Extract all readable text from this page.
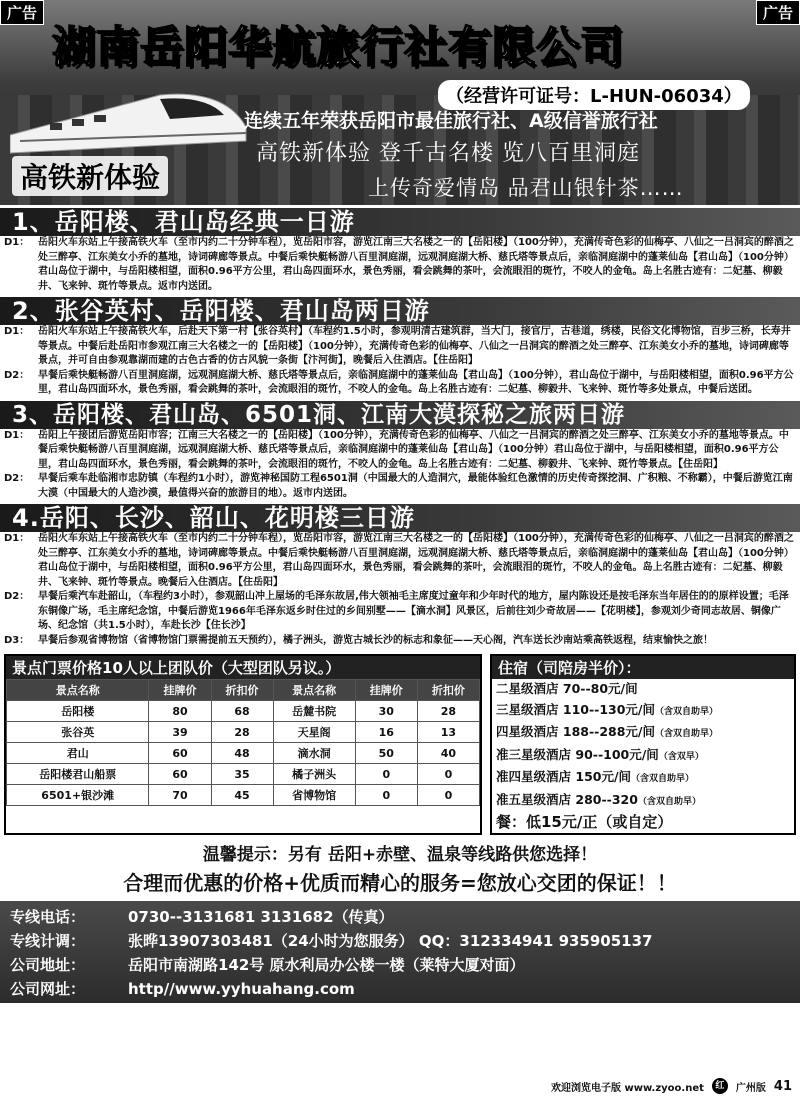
广告	广告
湖南岳阳华航旅行社有限公司
（经营许可证号：L-HUN-06034）
连续五年荣获岳阳市最佳旅行社、A级信誉旅行社
高铁新体验 登千古名楼 览八百里洞庭
上传奇爱情岛 品君山银针茶……
高铁新体验
1、岳阳楼、君山岛经典一日游
D1： 岳阳火车东站上午接高铁火车（至市内约二十分钟车程），览岳阳市容，游览江南三大名楼之一的【岳阳楼】（100分钟），充满传奇色彩的仙梅亭、八仙之一吕洞宾的醉酒之处三醉亭、江东美女小乔的墓地，诗词碑廊等景点。中餐后乘快艇畅游八百里洞庭湖，远观洞庭湖大桥、慈氏塔等景点后，亲临洞庭湖中的蓬莱仙岛【君山岛】（100分钟）君山岛位于湖中，与岳阳楼相望，面积0.96平方公里，君山岛四面环水，景色秀丽，看会跳舞的茶叶，会流眼泪的斑竹，不咬人的金龟。岛上名胜古迹有：二妃墓、柳毅井、飞来钟、斑竹等景点。返市内送团。
2、张谷英村、岳阳楼、君山岛两日游
D1： 岳阳火车东站上午接高铁火车，后赴天下第一村【张谷英村】（车程约1.5小时，参观明清古建筑群，当大门，接官厅，古巷道，绣楼，民俗文化博物馆，百步三桥，长寿井等景点。中餐后赴岳阳市参观江南三大名楼之一的【岳阳楼】（100分钟），充满传奇色彩的仙梅亭、八仙之一吕洞宾的醉酒之处三醉亭、江东美女小乔的墓地，诗词碑廊等景点，并可自由参观靠湖而建的古色古香的仿古风貌一条街【汴河街】，晚餐后入住酒店。【住岳阳】
D2： 早餐后乘快艇畅游八百里洞庭湖，远观洞庭湖大桥、慈氏塔等景点后，亲临洞庭湖中的蓬莱仙岛【君山岛】（100分钟），君山岛位于湖中，与岳阳楼相望，面积0.96平方公里，君山岛四面环水，景色秀丽，看会跳舞的茶叶，会流眼泪的斑竹，不咬人的金龟。岛上名胜古迹有：二妃墓、柳毅井、飞来钟、斑竹等多处景点，中餐后送团。
3、岳阳楼、君山岛、6501洞、江南大漠探秘之旅两日游
D1： 岳阳上午接团后游览岳阳市容；江南三大名楼之一的【岳阳楼】（100分钟），充满传奇色彩的仙梅亭、八仙之一吕洞宾的醉酒之处三醉亭、江东美女小乔的墓地等景点。中餐后乘快艇畅游八百里洞庭湖，远观洞庭湖大桥、慈氏塔等景点后，亲临洞庭湖中的蓬莱仙岛【君山岛】（100分钟）君山岛位于湖中，与岳阳楼相望，面积0.96平方公里，君山岛四面环水，景色秀丽，看会跳舞的茶叶，会流眼泪的斑竹，不咬人的金龟。岛上名胜古迹有：二妃墓、柳毅井、飞来钟、斑竹等景点。【住岳阳】
D2： 早餐后乘车赴临湘市忠防镇（车程约1小时），游览神秘国防工程6501洞（中国最大的人造洞穴，最能体验红色激情的历史传奇探挖洞、广积粮、不称霸），中餐后游览江南大漠（中国最大的人造沙漠，最值得兴奋的旅游目的地）。返市内送团。
4.岳阳、长沙、韶山、花明楼三日游
D1： 岳阳火车东站上午接高铁火车（至市内约二十分钟车程），览岳阳市容，游览江南三大名楼之一的【岳阳楼】（100分钟），充满传奇色彩的仙梅亭、八仙之一吕洞宾的醉酒之处三醉亭、江东美女小乔的墓地，诗词碑廊等景点。中餐后乘快艇畅游八百里洞庭湖，远观洞庭湖大桥、慈氏塔等景点后，亲临洞庭湖中的蓬莱仙岛【君山岛】（100分钟）君山岛位于湖中，与岳阳楼相望，面积0.96平方公里，君山岛四面环水，景色秀丽，看会跳舞的茶叶，会流眼泪的斑竹，不咬人的金龟。岛上名胜古迹有：二妃墓、柳毅井、飞来钟、斑竹等景点。晚餐后入住酒店。【住岳阳】
D2： 早餐后乘汽车赴韶山，（车程约3小时），参观韶山冲上屋场的毛泽东故居,伟大领袖毛主席度过童年和少年时代的地方，屋内陈设还是按毛泽东当年居住的的原样设置；毛泽东铜像广场，毛主席纪念馆，中餐后游览1966年毛泽东返乡时住过的乡间别墅——【滴水洞】风景区，后前往刘少奇故居——【花明楼】，参观刘少奇同志故居、铜像广场、纪念馆（共1.5小时），车赴长沙【住长沙】
D3： 早餐后参观省博物馆（省博物馆门票需提前五天预约），橘子洲头，游览古城长沙的标志和象征——天心阁，汽车送长沙南站乘高铁返程，结束愉快之旅！
景点门票价格10人以上团队价（大型团队另议。）
景点名称	挂牌价	折扣价	景点名称	挂牌价	折扣价
岳阳楼	80	68	岳麓书院	30	28
张谷英	39	28	天星阁	16	13
君山	60	48	滴水洞	50	40
岳阳楼君山船票	60	35	橘子洲头	0	0
6501+银沙滩	70	45	省博物馆	0	0
住宿（司陪房半价）：
二星级酒店 70--80元/间
三星级酒店 110--130元/间（含双自助早）
四星级酒店 188--288元/间（含双自助早）
准三星级酒店 90--100元/间（含双早）
准四星级酒店 150元/间（含双自助早）
准五星级酒店 280--320（含双自助早）
餐：低15元/正（或自定）
温馨提示：另有 岳阳+赤壁、温泉等线路供您选择！
合理而优惠的价格+优质而精心的服务=您放心交团的保证！！
专线电话：	0730--3131681 3131682（传真）
专线计调：	张晔13907303481（24小时为您服务） QQ：312334941 935905137
公司地址：	岳阳市南湖路142号 原水利局办公楼一楼（莱特大厦对面）
公司网址：	http//www.yyhuahang.com
欢迎浏览电子版 www.zyoo.net	红	广州版 41
